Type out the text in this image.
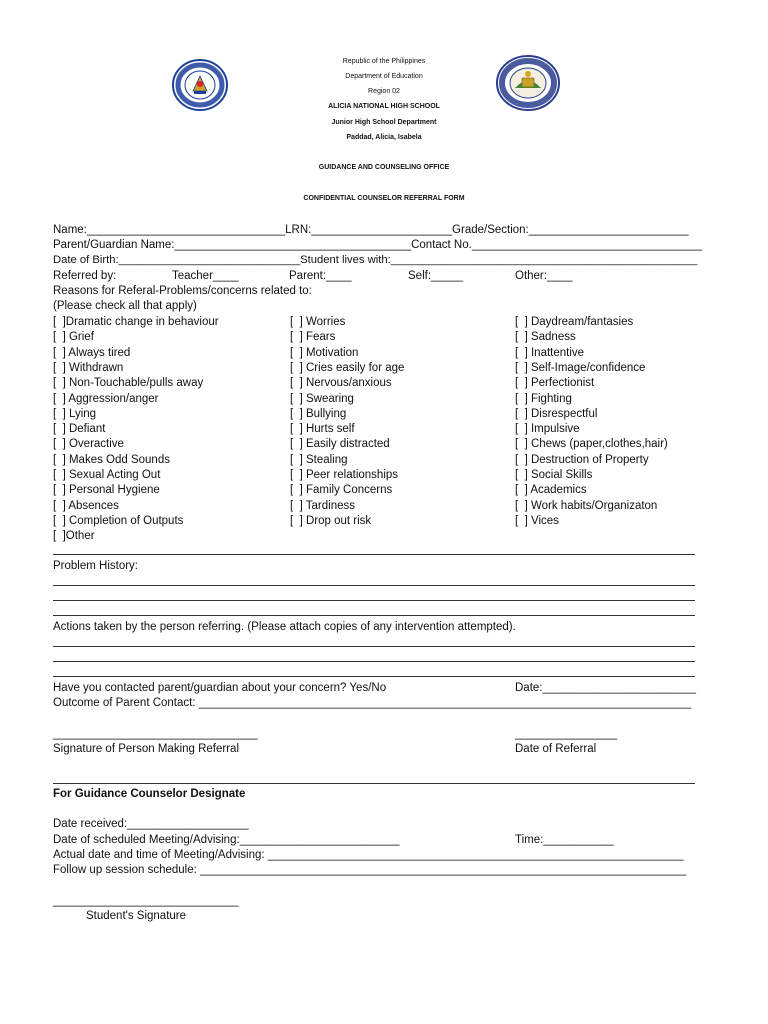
Republic of the Philippines
Department of Education
Region 02
ALICIA NATIONAL HIGH SCHOOL
Junior High School Department
Paddad, Alicia, Isabela
GUIDANCE AND COUNSELING OFFICE
CONFIDENTIAL COUNSELOR REFERRAL FORM
Name:_______________________________LRN:______________________Grade/Section:_________________________
Parent/Guardian Name:_____________________________________Contact No.____________________________________
Date of Birth:_____________________________Student lives with:_________________________________________________
Referred by:	Teacher____	Parent:____	Self:_____	Other:____
Reasons for Referal-Problems/concerns related to:
(Please check all that apply)
[  ]Dramatic change in behaviour
[  ] Grief
[  ] Always tired
[  ] Withdrawn
[  ] Non-Touchable/pulls away
[  ] Aggression/anger
[  ] Lying
[  ] Defiant
[  ] Overactive
[  ] Makes Odd Sounds
[  ] Sexual Acting Out
[  ] Personal Hygiene
[  ] Absences
[  ] Completion of Outputs
[  ]Other
[  ] Worries
[  ] Fears
[  ] Motivation
[  ] Cries easily for age
[  ] Nervous/anxious
[  ] Swearing
[  ] Bullying
[  ] Hurts self
[  ] Easily distracted
[  ] Stealing
[  ] Peer relationships
[  ] Family Concerns
[  ] Tardiness
[  ] Drop out risk
[  ] Daydream/fantasies
[  ] Sadness
[  ] Inattentive
[  ] Self-Image/confidence
[  ] Perfectionist
[  ] Fighting
[  ] Disrespectful
[  ] Impulsive
[  ] Chews (paper,clothes,hair)
[  ] Destruction of Property
[  ] Social Skills
[  ] Academics
[  ] Work habits/Organizaton
[  ] Vices
Problem History:
Actions taken by the person referring. (Please attach copies of any intervention attempted).
Have you contacted parent/guardian about your concern? Yes/No	Date:________________________
Outcome of Parent Contact: _____________________________________________________________________________
________________________________	________________
Signature of Person Making Referral	Date of Referral
For Guidance Counselor Designate
Date received:___________________
Date of scheduled Meeting/Advising:_________________________	Time:___________
Actual date and time of Meeting/Advising: _________________________________________________________________
Follow up session schedule: ____________________________________________________________________________
_____________________________
Student's Signature
